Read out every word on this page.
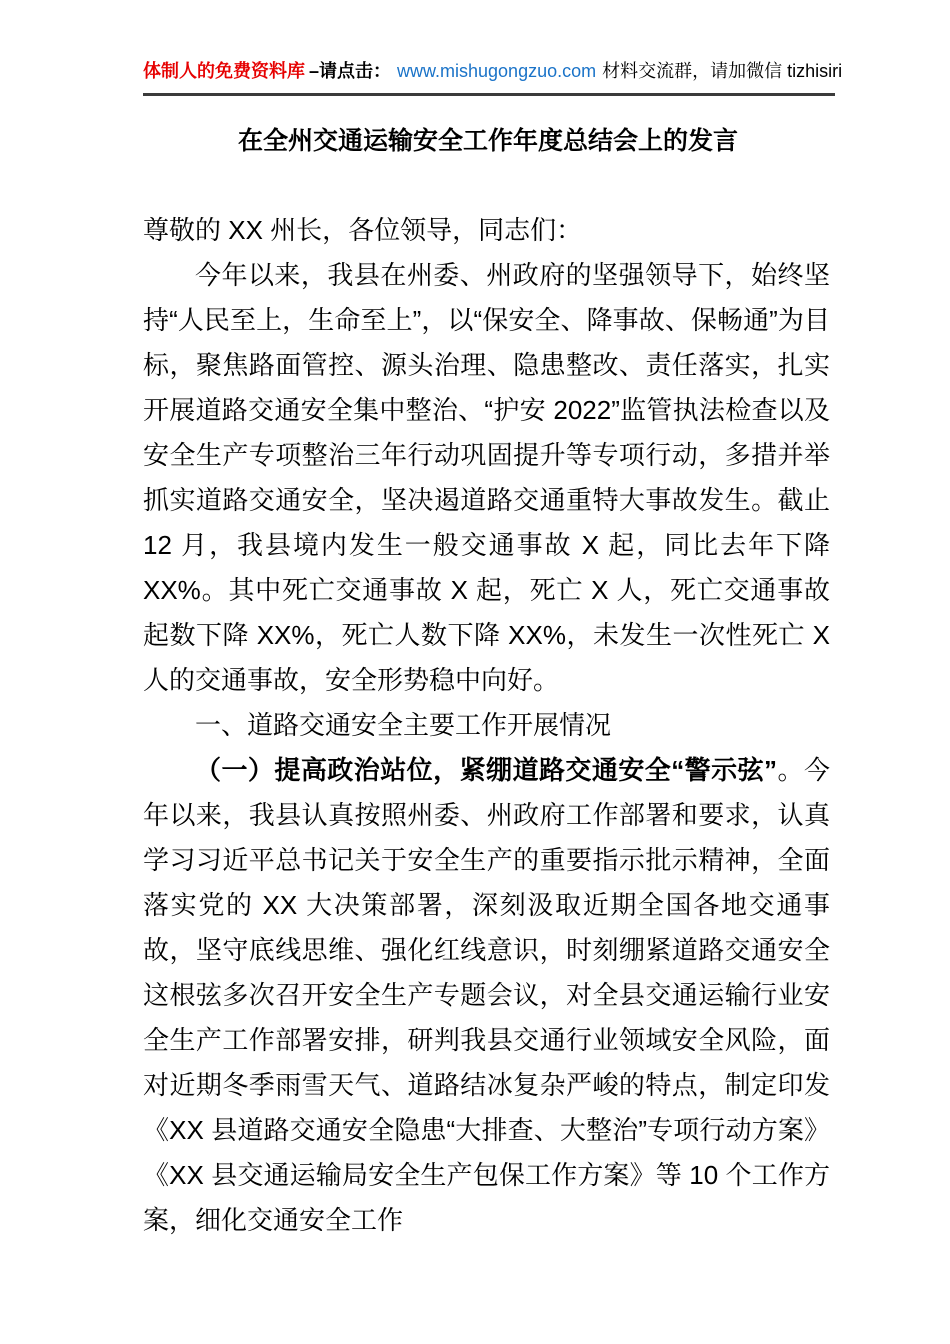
体制人的免费资料库 –请点击： www.mishugongzuo.com 材料交流群，请加微信 tizhisiri
在全州交通运输安全工作年度总结会上的发言

尊敬的 XX 州长，各位领导，同志们：

今年以来，我县在州委、州政府的坚强领导下，始终坚持“人民至上，生命至上”，以“保安全、降事故、保畅通”为目标，聚焦路面管控、源头治理、隐患整改、责任落实，扎实开展道路交通安全集中整治、“护安 2022”监管执法检查以及安全生产专项整治三年行动巩固提升等专项行动，多措并举抓实道路交通安全，坚决遏道路交通重特大事故发生。截止 12 月，我县境内发生一般交通事故 X 起，同比去年下降 XX%。其中死亡交通事故 X 起，死亡 X 人，死亡交通事故起数下降 XX%，死亡人数下降 XX%，未发生一次性死亡 X 人的交通事故，安全形势稳中向好。

一、道路交通安全主要工作开展情况

（一）提高政治站位，紧绷道路交通安全“警示弦”。今年以来，我县认真按照州委、州政府工作部署和要求，认真学习习近平总书记关于安全生产的重要指示批示精神，全面落实党的 XX 大决策部署，深刻汲取近期全国各地交通事故，坚守底线思维、强化红线意识，时刻绷紧道路交通安全这根弦多次召开安全生产专题会议，对全县交通运输行业安全生产工作部署安排，研判我县交通行业领域安全风险，面对近期冬季雨雪天气、道路结冰复杂严峻的特点，制定印发《XX 县道路交通安全隐患“大排查、大整治”专项行动方案》《XX 县交通运输局安全生产包保工作方案》等 10 个工作方案，细化交通安全工作
